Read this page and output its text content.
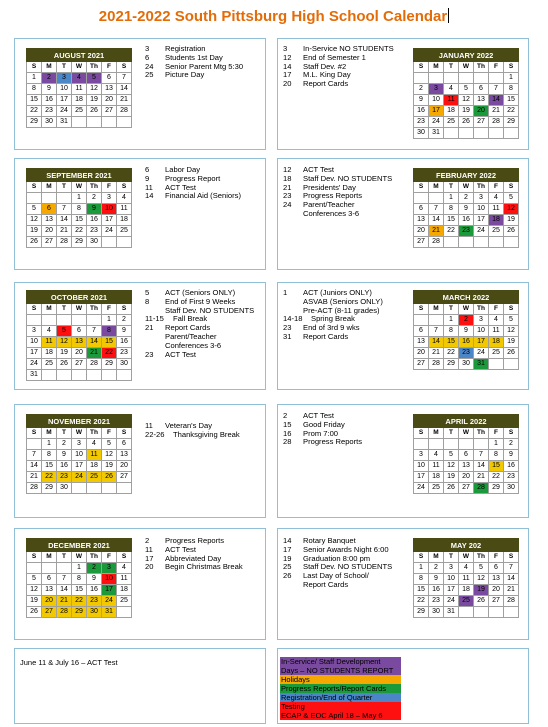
2021-2022 South Pittsburg High School Calendar
AUGUST 2021						
S	M	T	W	Th	F	S
1	2	3	4	5	6	7
8	9	10	11	12	13	14
15	16	17	18	19	20	21
22	23	24	25	26	27	28
29	30	31				
JANUARY 2022						
S	M	T	W	Th	F	S
						1
2	3	4	5	6	7	8
9	10	11	12	13	14	15
16	17	18	19	20	21	22
23	24	25	26	27	28	29
30	31					
SEPTEMBER 2021						
S	M	T	W	Th	F	S
			1	2	3	4
5	6	7	8	9	10	11
12	13	14	15	16	17	18
19	20	21	22	23	24	25
26	27	28	29	30		
FEBRUARY 2022						
S	M	T	W	Th	F	S
		1	2	3	4	5
6	7	8	9	10	11	12
13	14	15	16	17	18	19
20	21	22	23	24	25	26
27	28					
OCTOBER 2021						
S	M	T	W	Th	F	S
					1	2
3	4	5	6	7	8	9
10	11	12	13	14	15	16
17	18	19	20	21	22	23
24	25	26	27	28	29	30
31						
MARCH 2022						
S	M	T	W	Th	F	S
		1	2	3	4	5
6	7	8	9	10	11	12
13	14	15	16	17	18	19
20	21	22	23	24	25	26
27	28	29	30	31		
NOVEMBER 2021						
S	M	T	W	Th	F	S
	1	2	3	4	5	6
7	8	9	10	11	12	13
14	15	16	17	18	19	20
21	22	23	24	25	26	27
28	29	30				
APRIL 2022						
S	M	T	W	Th	F	S
					1	2
3	4	5	6	7	8	9
10	11	12	13	14	15	16
17	18	19	20	21	22	23
24	25	26	27	28	29	30
DECEMBER 2021						
S	M	T	W	Th	F	S
			1	2	3	4
5	6	7	8	9	10	11
12	13	14	15	16	17	18
19	20	21	22	23	24	25
26	27	28	29	30	31	
MAY 202						
S	M	T	W	Th	F	S
1	2	3	4	5	6	7
8	9	10	11	12	13	14
15	16	17	18	19	20	21
22	23	24	25	26	27	28
29	30	31				
3	Registration
6	Students 1st Day
24	Senior Parent Mtg 5:30
25	Picture Day
3	In-Service NO STUDENTS
12	End of Semester 1
14	Staff Dev. #2
17	M.L. King Day
20	Report Cards
6	Labor Day
9	Progress Report
11	ACT Test
14	Financial Aid (Seniors)
12	ACT Test
18	Staff Dev. NO STUDENTS
21	Presidents' Day
23	Progress Reports
24	Parent/Teacher
Conferences 3-6
5	ACT (Seniors ONLY)
8	End of First 9 Weeks
Staff Dev. NO STUDENTS
11-15	Fall Break
21	Report Cards
Parent/Teacher
Conferences 3-6
23	ACT Test
1	ACT (Juniors ONLY)
ASVAB (Seniors ONLY)
Pre-ACT (8-11 grades)
14-18	Spring Break
23	End of 3rd 9 wks
31	Report Cards
11	Veteran's Day
22-26	Thanksgiving Break
2	ACT Test
15	Good Friday
16	Prom 7:00
28	Progress Reports
2	Progress Reports
11	ACT Test
17	Abbreviated Day
20	Begin Christmas Break
14	Rotary Banquet
17	Senior Awards Night 6:00
19	Graduation 8:00 pm
25	Staff Dev. NO STUDENTS
26	Last Day of School/
Report Cards
June 11 & July 16 – ACT Test	In-Service/ Staff Development
Days – NO STUDENTS REPORT
Holidays
Progress Reports/Report Cards
Registration/End of Quarter
Testing
ECAP & EOC April 18 – May 6
